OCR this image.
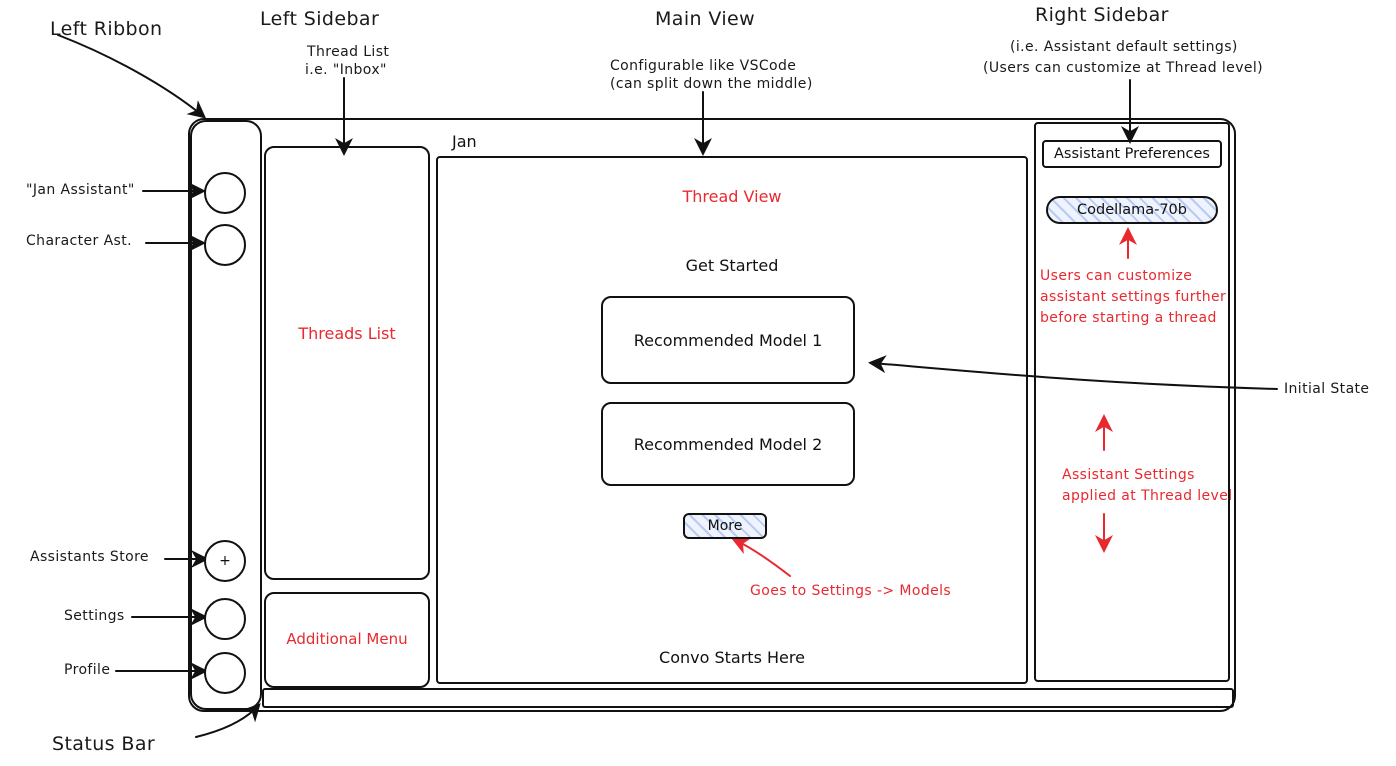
Left Ribbon	Left Sidebar	Main View	Right Sidebar
Thread List
i.e. "Inbox"	Configurable like VSCode
(can split down the middle)
(i.e. Assistant default settings)
(Users can customize at Thread level)
"Jan Assistant"
Character Ast.
Assistants Store
Settings
Profile
Status Bar
Initial State
Users can customize
assistant settings further
before starting a thread
Assistant Settings
applied at Thread level
Goes to Settings -> Models
+
Threads List
Additional Menu
Jan
Thread View
Get Started
Recommended Model 1
Recommended Model 2
More
Convo Starts Here
Assistant Preferences
Codellama-70b
